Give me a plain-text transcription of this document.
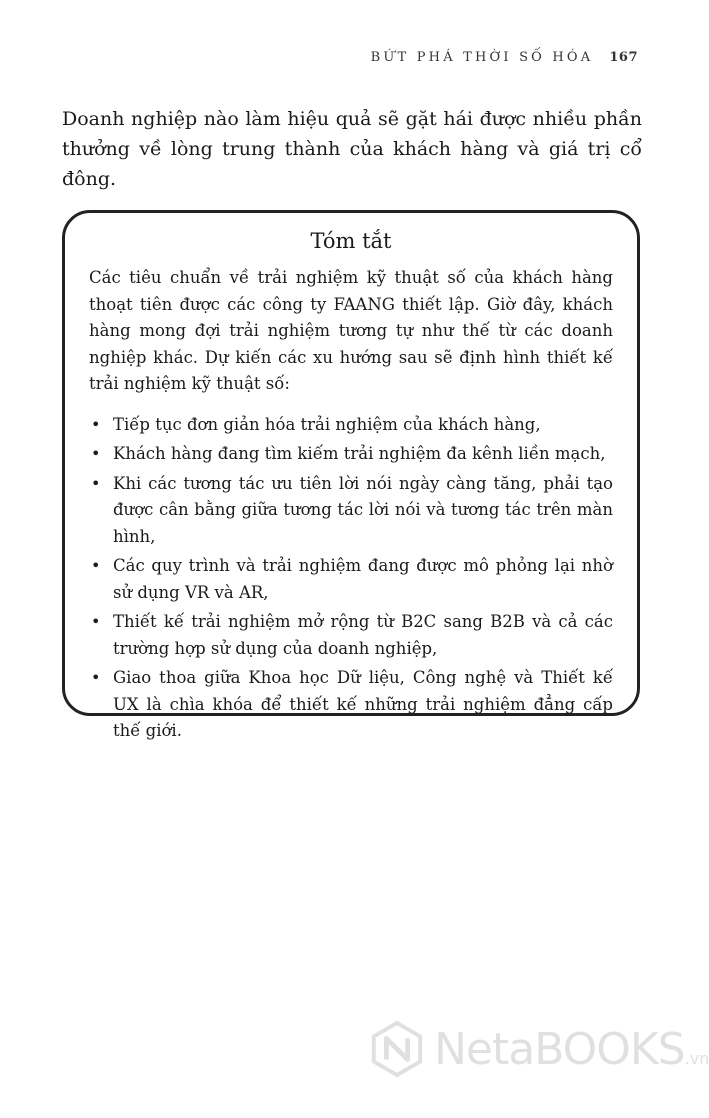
BỨT PHÁ THỜI SỐ HÓA 167

Doanh nghiệp nào làm hiệu quả sẽ gặt hái được nhiều phần thưởng về lòng trung thành của khách hàng và giá trị cổ đông.

Tóm tắt

Các tiêu chuẩn về trải nghiệm kỹ thuật số của khách hàng thoạt tiên được các công ty FAANG thiết lập. Giờ đây, khách hàng mong đợi trải nghiệm tương tự như thế từ các doanh nghiệp khác. Dự kiến các xu hướng sau sẽ định hình thiết kế trải nghiệm kỹ thuật số:

• Tiếp tục đơn giản hóa trải nghiệm của khách hàng,
• Khách hàng đang tìm kiếm trải nghiệm đa kênh liền mạch,
• Khi các tương tác ưu tiên lời nói ngày càng tăng, phải tạo được cân bằng giữa tương tác lời nói và tương tác trên màn hình,
• Các quy trình và trải nghiệm đang được mô phỏng lại nhờ sử dụng VR và AR,
• Thiết kế trải nghiệm mở rộng từ B2C sang B2B và cả các trường hợp sử dụng của doanh nghiệp,
• Giao thoa giữa Khoa học Dữ liệu, Công nghệ và Thiết kế UX là chìa khóa để thiết kế những trải nghiệm đẳng cấp thế giới.
NetaBOOKS.vn
